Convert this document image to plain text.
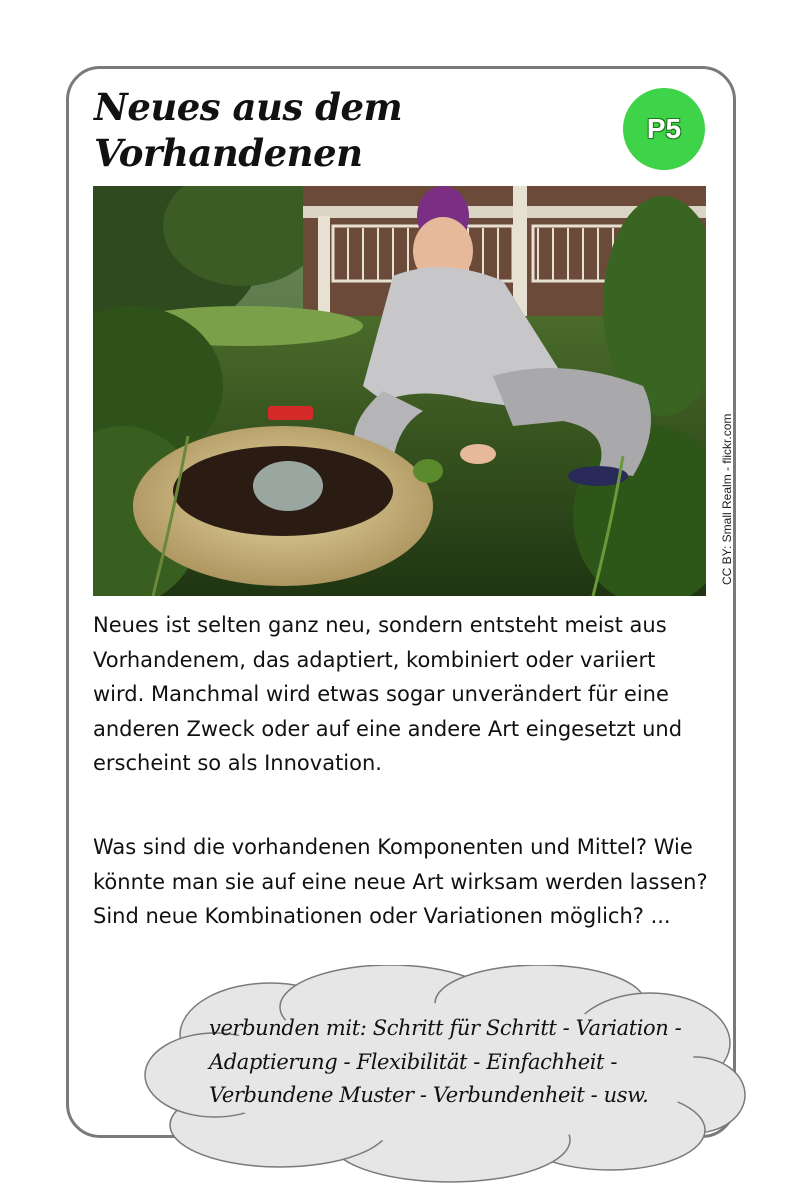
Neues aus dem
Vorhandenen
P5
CC BY: Small Realm - flickr.com

Neues ist selten ganz neu, sondern entsteht meist aus Vorhandenem, das adaptiert, kombiniert oder variiert wird. Manchmal wird etwas sogar unverändert für eine anderen Zweck oder auf eine andere Art eingesetzt und erscheint so als Innovation.

Was sind die vorhandenen Komponenten und Mittel? Wie könnte man sie auf eine neue Art wirksam werden lassen? Sind neue Kombinationen oder Variationen möglich? ...

verbunden mit: Schritt für Schritt - Variation -
Adaptierung - Flexibilität - Einfachheit -
Verbundene Muster - Verbundenheit - usw.
